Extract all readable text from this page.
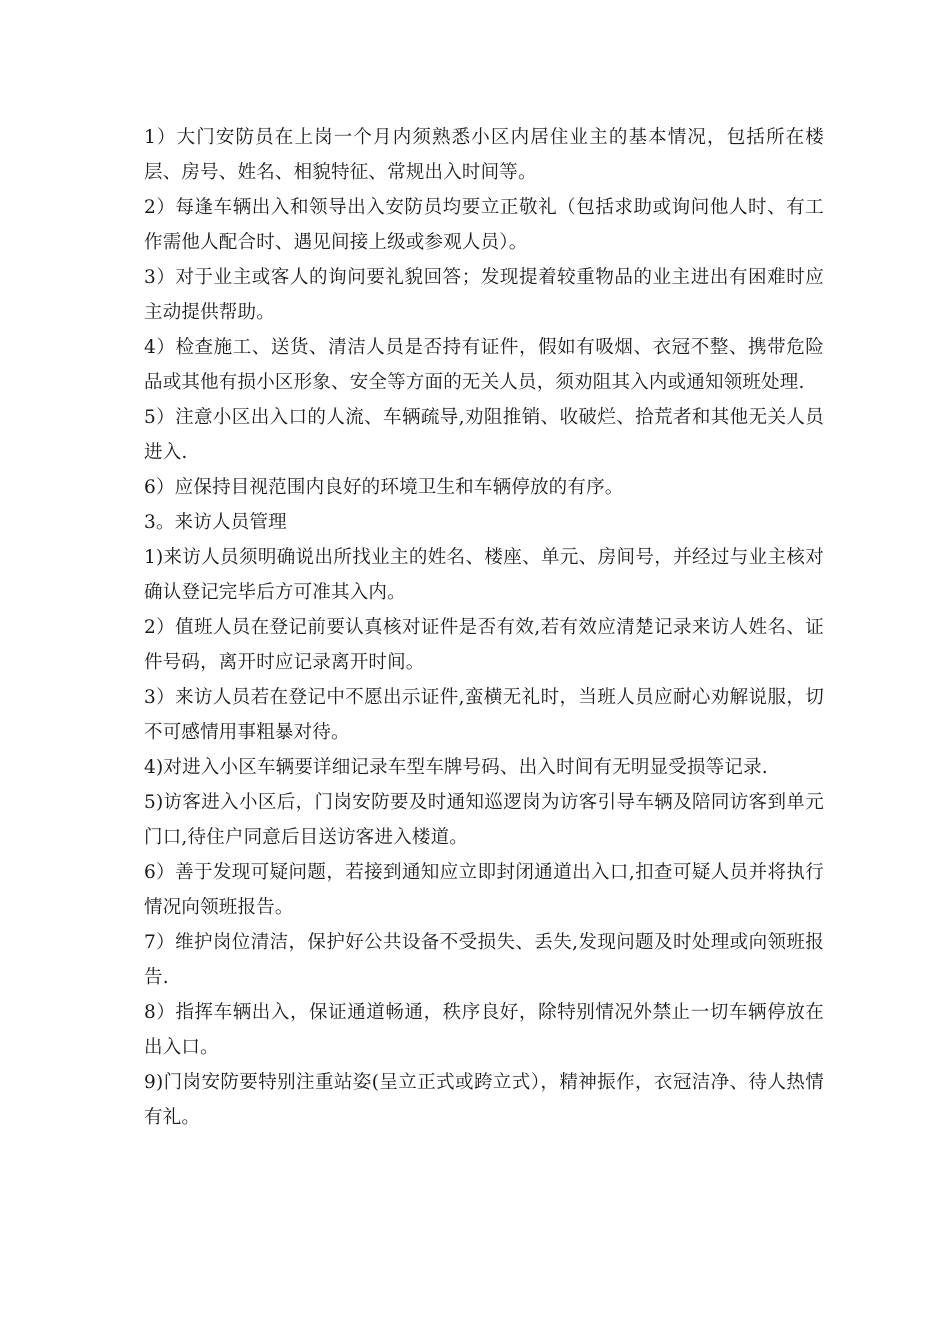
1）大门安防员在上岗一个月内须熟悉小区内居住业主的基本情况，包括所在楼层、房号、姓名、相貌特征、常规出入时间等。

2）每逢车辆出入和领导出入安防员均要立正敬礼（包括求助或询问他人时、有工作需他人配合时、遇见间接上级或参观人员）。

3）对于业主或客人的询问要礼貌回答；发现提着较重物品的业主进出有困难时应主动提供帮助。

4）检查施工、送货、清洁人员是否持有证件，假如有吸烟、衣冠不整、携带危险品或其他有损小区形象、安全等方面的无关人员，须劝阻其入内或通知领班处理.

5）注意小区出入口的人流、车辆疏导,劝阻推销、收破烂、拾荒者和其他无关人员进入.

6）应保持目视范围内良好的环境卫生和车辆停放的有序。

3。来访人员管理

1)来访人员须明确说出所找业主的姓名、楼座、单元、房间号，并经过与业主核对确认登记完毕后方可准其入内。

2）值班人员在登记前要认真核对证件是否有效,若有效应清楚记录来访人姓名、证件号码，离开时应记录离开时间。

3）来访人员若在登记中不愿出示证件,蛮横无礼时，当班人员应耐心劝解说服，切不可感情用事粗暴对待。

4)对进入小区车辆要详细记录车型车牌号码、出入时间有无明显受损等记录.

5)访客进入小区后，门岗安防要及时通知巡逻岗为访客引导车辆及陪同访客到单元门口,待住户同意后目送访客进入楼道。

6）善于发现可疑问题，若接到通知应立即封闭通道出入口,扣查可疑人员并将执行情况向领班报告。

7）维护岗位清洁，保护好公共设备不受损失、丢失,发现问题及时处理或向领班报告.

8）指挥车辆出入，保证通道畅通，秩序良好，除特别情况外禁止一切车辆停放在出入口。

9)门岗安防要特别注重站姿(呈立正式或跨立式），精神振作，衣冠洁净、待人热情有礼。
